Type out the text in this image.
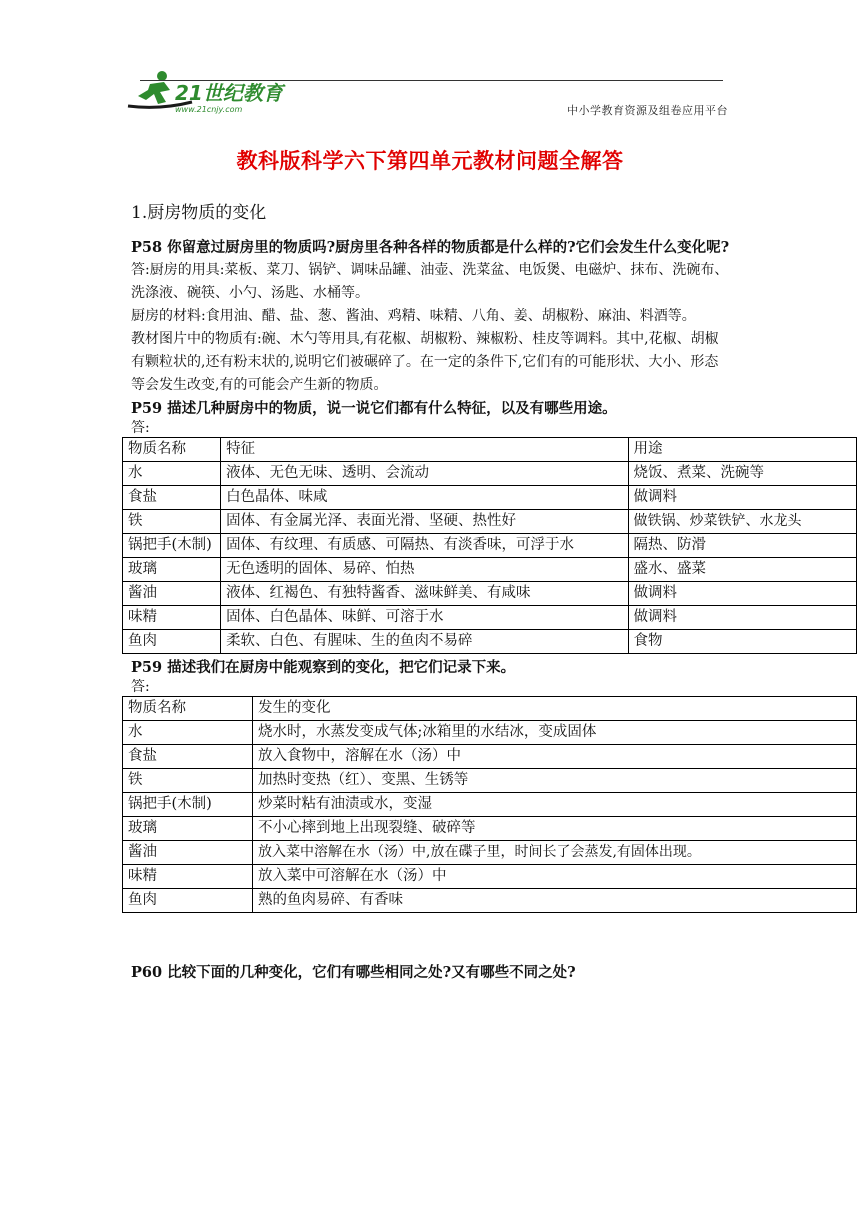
21世纪教育
www.21cnjy.com	中小学教育资源及组卷应用平台
教科版科学六下第四单元教材问题全解答
1.厨房物质的变化

P58 你留意过厨房里的物质吗?厨房里各种各样的物质都是什么样的?它们会发生什么变化呢?

答:厨房的用具:菜板、菜刀、锅铲、调味品罐、油壶、洗菜盆、电饭煲、电磁炉、抹布、洗碗布、洗涤液、碗筷、小勺、汤匙、水桶等。

厨房的材料:食用油、醋、盐、葱、酱油、鸡精、味精、八角、姜、胡椒粉、麻油、料酒等。

教材图片中的物质有:碗、木勺等用具,有花椒、胡椒粉、辣椒粉、桂皮等调料。其中,花椒、胡椒有颗粒状的,还有粉末状的,说明它们被碾碎了。在一定的条件下,它们有的可能形状、大小、形态等会发生改变,有的可能会产生新的物质。

P59 描述几种厨房中的物质，说一说它们都有什么特征，以及有哪些用途。

答:

物质名称	特征	用途
水	液体、无色无味、透明、会流动	烧饭、煮菜、洗碗等
食盐	白色晶体、味咸	做调料
铁	固体、有金属光泽、表面光滑、坚硬、热性好	做铁锅、炒菜铁铲、水龙头
锅把手(木制)	固体、有纹理、有质感、可隔热、有淡香味，可浮于水	隔热、防滑
玻璃	无色透明的固体、易碎、怕热	盛水、盛菜
酱油	液体、红褐色、有独特酱香、滋味鲜美、有咸味	做调料
味精	固体、白色晶体、味鲜、可溶于水	做调料
鱼肉	柔软、白色、有腥味、生的鱼肉不易碎	食物

P59 描述我们在厨房中能观察到的变化，把它们记录下来。

答:

物质名称	发生的变化
水	烧水时，水蒸发变成气体;冰箱里的水结冰，变成固体
食盐	放入食物中，溶解在水（汤）中
铁	加热时变热（红）、变黑、生锈等
锅把手(木制)	炒菜时粘有油渍或水，变湿
玻璃	不小心摔到地上出现裂缝、破碎等
酱油	放入菜中溶解在水（汤）中,放在碟子里，时间长了会蒸发,有固体出现。
味精	放入菜中可溶解在水（汤）中
鱼肉	熟的鱼肉易碎、有香味

P60 比较下面的几种变化，它们有哪些相同之处?又有哪些不同之处?
